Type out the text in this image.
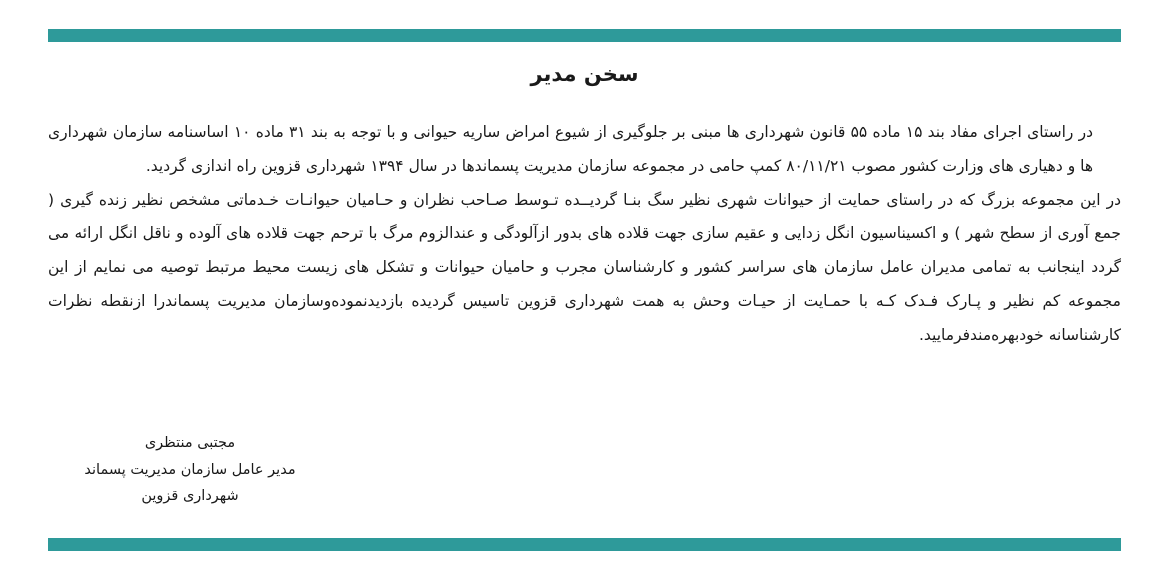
سخن مدیر

در راستای اجرای مفاد بند ۱۵ ماده ۵۵ قانون شهرداری ها مبنی بر جلوگیری از شیوع امراض ساریه حیوانی و با توجه به بند ۳۱ ماده ۱۰ اساسنامه سازمان شهرداری ها و دهیاری های وزارت کشور مصوب ۸۰/۱۱/۲۱ کمپ حامی در مجموعه سازمان مدیریت پسماندها در سال ۱۳۹۴ شهرداری قزوین راه اندازی گردید.

در این مجموعه بزرگ که در راستای حمایت از حیوانات شهری نظیر سگ بنـا گردیــده تـوسط صـاحب نظران و حـامیان حیوانـات خـدماتی مشخص نظیر زنده گیری ( جمع آوری از سطح شهر ) و اکسیناسیون انگل زدایی و عقیم سازی جهت قلاده های بدور ازآلودگی و عندالزوم مرگ با ترحم جهت قلاده های آلوده و ناقل انگل ارائه می گردد اینجانب به تمامی مدیران عامل سازمان های سراسر کشور و کارشناسان مجرب و حامیان حیوانات و تشکل های زیست محیط مرتبط توصیه می نمایم از این مجموعه کم نظیر و پـارک فـدک کـه با حمـایت از حیـات وحش به همت شهرداری قزوین تاسیس گردیده بازدیدنموده‌وسازمان مدیریت پسماندرا ازنقطه نظرات کارشناسانه خودبهره‌مندفرمایید.

مجتبی منتظری
مدیر عامل سازمان مدیریت پسماند
شهرداری قزوین
